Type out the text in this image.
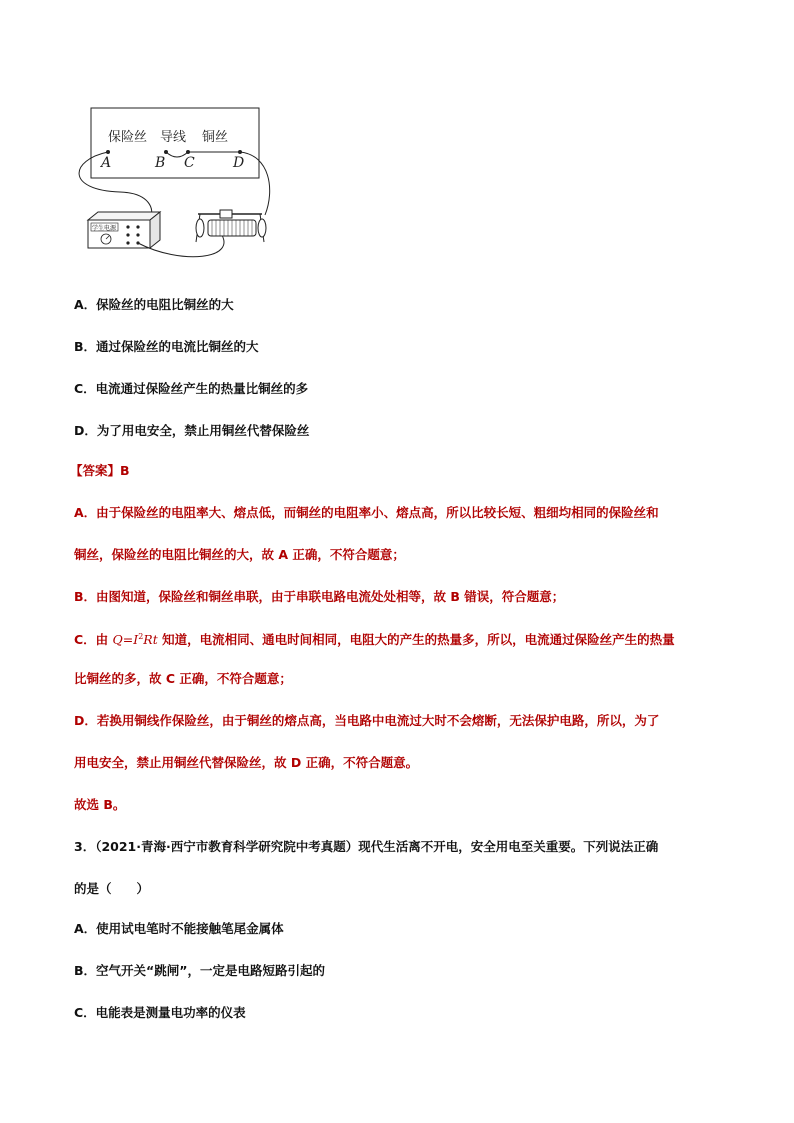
保险丝 导线 铜丝
A	B C	D
学生电源
A．保险丝的电阻比铜丝的大
B．通过保险丝的电流比铜丝的大
C．电流通过保险丝产生的热量比铜丝的多
D．为了用电安全，禁止用铜丝代替保险丝
【答案】B
A．由于保险丝的电阻率大、熔点低，而铜丝的电阻率小、熔点高，所以比较长短、粗细均相同的保险丝和
铜丝，保险丝的电阻比铜丝的大，故 A 正确，不符合题意；
B．由图知道，保险丝和铜丝串联，由于串联电路电流处处相等，故 B 错误，符合题意；
C．由 $Q=I^2Rt$ 知道，电流相同、通电时间相同，电阻大的产生的热量多，所以，电流通过保险丝产生的热量
比铜丝的多，故 C 正确，不符合题意；
D．若换用铜线作保险丝，由于铜丝的熔点高，当电路中电流过大时不会熔断，无法保护电路，所以，为了
用电安全，禁止用铜丝代替保险丝，故 D 正确，不符合题意。
故选 B。
3．（2021·青海·西宁市教育科学研究院中考真题）现代生活离不开电，安全用电至关重要。下列说法正确
的是（　　）
A．使用试电笔时不能接触笔尾金属体
B．空气开关“跳闸”，一定是电路短路引起的
C．电能表是测量电功率的仪表
